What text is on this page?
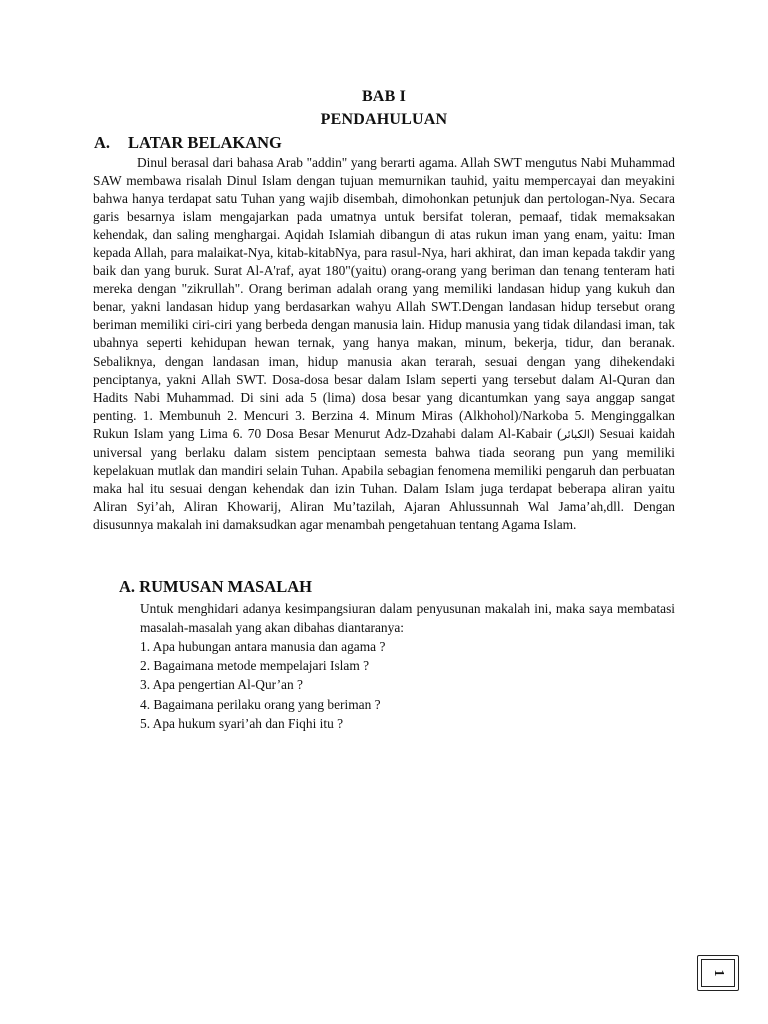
BAB I
PENDAHULUAN
A. LATAR BELAKANG

Dinul berasal dari bahasa Arab "addin" yang berarti agama. Allah SWT mengutus Nabi Muhammad SAW membawa risalah Dinul Islam dengan tujuan memurnikan tauhid, yaitu mempercayai dan meyakini bahwa hanya terdapat satu Tuhan yang wajib disembah, dimohonkan petunjuk dan pertologan-Nya. Secara garis besarnya islam mengajarkan pada umatnya untuk bersifat toleran, pemaaf, tidak memaksakan kehendak, dan saling menghargai. Aqidah Islamiah dibangun di atas rukun iman yang enam, yaitu: Iman kepada Allah, para malaikat-Nya, kitab-kitabNya, para rasul-Nya, hari akhirat, dan iman kepada takdir yang baik dan yang buruk. Surat Al-A'raf, ayat 180"(yaitu) orang-orang yang beriman dan tenang tenteram hati mereka dengan "zikrullah". Orang beriman adalah orang yang memiliki landasan hidup yang kukuh dan benar, yakni landasan hidup yang berdasarkan wahyu Allah SWT.Dengan landasan hidup tersebut orang beriman memiliki ciri-ciri yang berbeda dengan manusia lain. Hidup manusia yang tidak dilandasi iman, tak ubahnya seperti kehidupan hewan ternak, yang hanya makan, minum, bekerja, tidur, dan beranak. Sebaliknya, dengan landasan iman, hidup manusia akan terarah, sesuai dengan yang dihekendaki penciptanya, yakni Allah SWT. Dosa-dosa besar dalam Islam seperti yang tersebut dalam Al-Quran dan Hadits Nabi Muhammad. Di sini ada 5 (lima) dosa besar yang dicantumkan yang saya anggap sangat penting. 1. Membunuh 2. Mencuri 3. Berzina 4. Minum Miras (Alkhohol)/Narkoba 5. Menginggalkan Rukun Islam yang Lima 6. 70 Dosa Besar Menurut Adz-Dzahabi dalam Al-Kabair (الكبائر) Sesuai kaidah universal yang berlaku dalam sistem penciptaan semesta bahwa tiada seorang pun yang memiliki kepelakuan mutlak dan mandiri selain Tuhan. Apabila sebagian fenomena memiliki pengaruh dan perbuatan maka hal itu sesuai dengan kehendak dan izin Tuhan. Dalam Islam juga terdapat beberapa aliran yaitu Aliran Syi’ah, Aliran Khowarij, Aliran Mu’tazilah, Ajaran Ahlussunnah Wal Jama’ah,dll. Dengan disusunnya makalah ini damaksudkan agar menambah pengetahuan tentang Agama Islam.

A. RUMUSAN MASALAH

Untuk menghidari adanya kesimpangsiuran dalam penyusunan makalah ini, maka saya membatasi masalah-masalah yang akan dibahas diantaranya:

1. Apa hubungan antara manusia dan agama ?
2. Bagaimana metode mempelajari Islam ?
3. Apa pengertian Al-Qur’an ?
4. Bagaimana perilaku orang yang beriman ?
5. Apa hukum syari’ah dan Fiqhi itu ?
1
